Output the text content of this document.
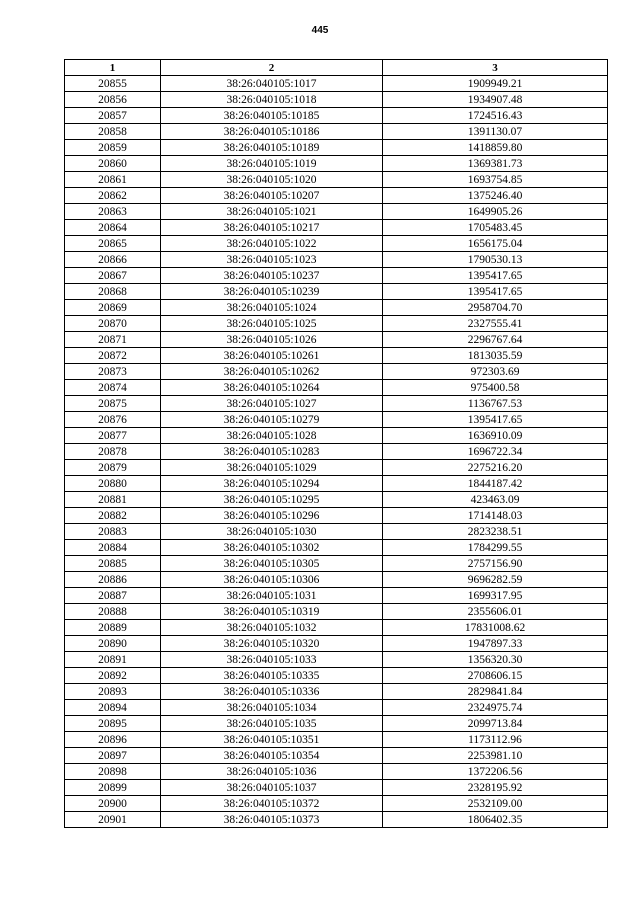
445
1	2	3
20855	38:26:040105:1017	1909949.21
20856	38:26:040105:1018	1934907.48
20857	38:26:040105:10185	1724516.43
20858	38:26:040105:10186	1391130.07
20859	38:26:040105:10189	1418859.80
20860	38:26:040105:1019	1369381.73
20861	38:26:040105:1020	1693754.85
20862	38:26:040105:10207	1375246.40
20863	38:26:040105:1021	1649905.26
20864	38:26:040105:10217	1705483.45
20865	38:26:040105:1022	1656175.04
20866	38:26:040105:1023	1790530.13
20867	38:26:040105:10237	1395417.65
20868	38:26:040105:10239	1395417.65
20869	38:26:040105:1024	2958704.70
20870	38:26:040105:1025	2327555.41
20871	38:26:040105:1026	2296767.64
20872	38:26:040105:10261	1813035.59
20873	38:26:040105:10262	972303.69
20874	38:26:040105:10264	975400.58
20875	38:26:040105:1027	1136767.53
20876	38:26:040105:10279	1395417.65
20877	38:26:040105:1028	1636910.09
20878	38:26:040105:10283	1696722.34
20879	38:26:040105:1029	2275216.20
20880	38:26:040105:10294	1844187.42
20881	38:26:040105:10295	423463.09
20882	38:26:040105:10296	1714148.03
20883	38:26:040105:1030	2823238.51
20884	38:26:040105:10302	1784299.55
20885	38:26:040105:10305	2757156.90
20886	38:26:040105:10306	9696282.59
20887	38:26:040105:1031	1699317.95
20888	38:26:040105:10319	2355606.01
20889	38:26:040105:1032	17831008.62
20890	38:26:040105:10320	1947897.33
20891	38:26:040105:1033	1356320.30
20892	38:26:040105:10335	2708606.15
20893	38:26:040105:10336	2829841.84
20894	38:26:040105:1034	2324975.74
20895	38:26:040105:1035	2099713.84
20896	38:26:040105:10351	1173112.96
20897	38:26:040105:10354	2253981.10
20898	38:26:040105:1036	1372206.56
20899	38:26:040105:1037	2328195.92
20900	38:26:040105:10372	2532109.00
20901	38:26:040105:10373	1806402.35
